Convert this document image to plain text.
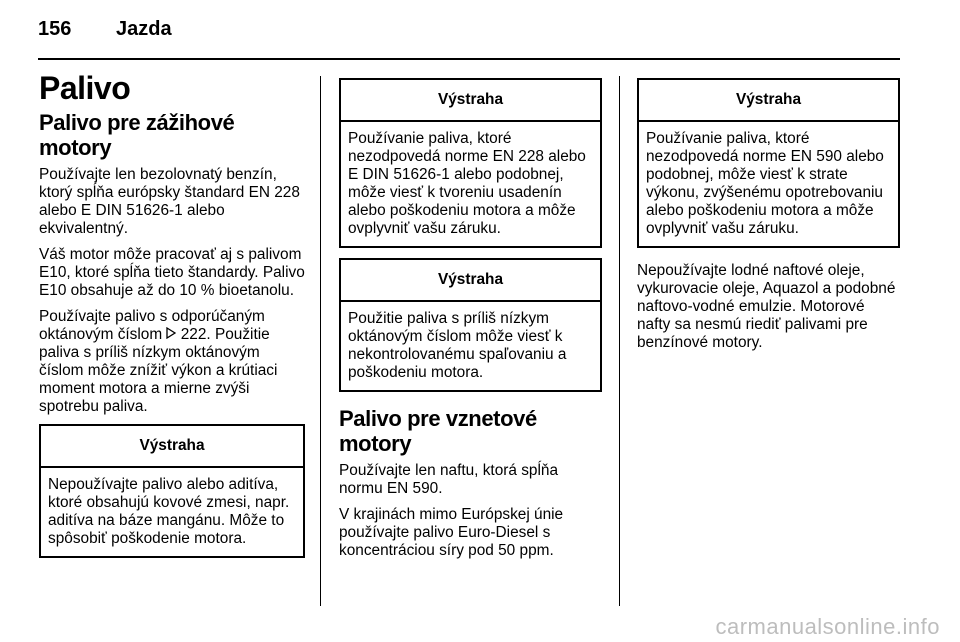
156 Jazda
Palivo
Palivo pre zážihové motory

Používajte len bezolovnatý benzín, ktorý spĺňa európsky štandard EN 228 alebo E DIN 51626-1 alebo ekvivalentný.

Váš motor môže pracovať aj s palivom E10, ktoré spĺňa tieto štandardy. Palivo E10 obsahuje až do 10 % bioetanolu.

Používajte palivo s odporúčaným oktánovým číslom  222. Použitie paliva s príliš nízkym oktánovým číslom môže znížiť výkon a krútiaci moment motora a mierne zvýši spotrebu paliva.

Výstraha
Nepoužívajte palivo alebo aditíva, ktoré obsahujú kovové zmesi, napr. aditíva na báze mangánu. Môže to spôsobiť poškodenie motora.
Výstraha
Používanie paliva, ktoré nezodpovedá norme EN 228 alebo E DIN 51626-1 alebo podobnej, môže viesť k tvoreniu usadenín alebo poškodeniu motora a môže ovplyvniť vašu záruku.
Výstraha
Použitie paliva s príliš nízkym oktánovým číslom môže viesť k nekontrolovanému spaľovaniu a poškodeniu motora.
Palivo pre vznetové motory

Používajte len naftu, ktorá spĺňa normu EN 590.

V krajinách mimo Európskej únie používajte palivo Euro-Diesel s koncentráciou síry pod 50 ppm.

Výstraha
Používanie paliva, ktoré nezodpovedá norme EN 590 alebo podobnej, môže viesť k strate výkonu, zvýšenému opotrebovaniu alebo poškodeniu motora a môže ovplyvniť vašu záruku.

Nepoužívajte lodné naftové oleje, vykurovacie oleje, Aquazol a podobné naftovo-vodné emulzie. Motorové nafty sa nesmú riediť palivami pre benzínové motory.

carmanualsonline.info
